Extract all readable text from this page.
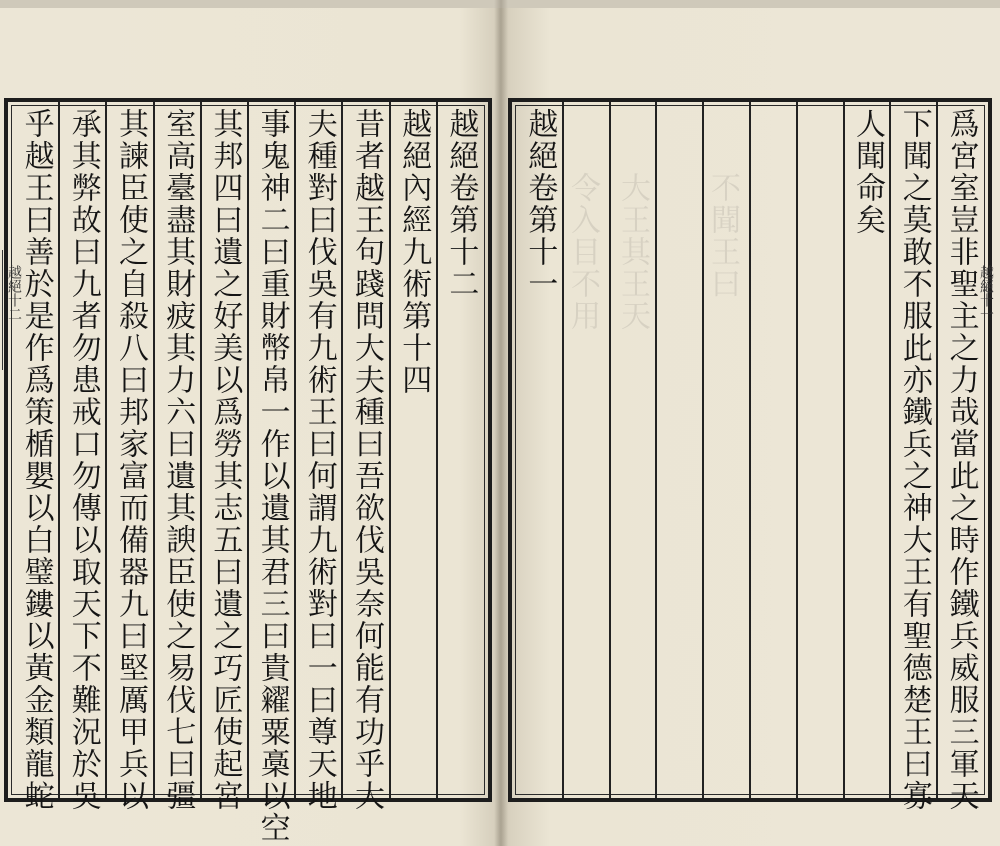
越絕十二	越絕十一
越絕卷第十二
越絕內經九術第十四
昔者越王句踐問大夫種曰吾欲伐吳奈何能有功乎大
夫種對曰伐吳有九術王曰何謂九術對曰一曰尊天地
事鬼神二曰重財幣帛一作以遺其君三曰貴糴粟槀以空
其邦四曰遺之好美以爲勞其志五曰遺之巧匠使起宮
室高臺盡其財疲其力六曰遺其諛臣使之易伐七曰彊
其諫臣使之自殺八曰邦家富而備器九曰堅厲甲兵以
承其弊故曰九者勿患戒口勿傳以取天下不難況於吳
乎越王曰善於是作爲策楯嬰以白璧鏤以黃金類龍蛇	爲宮室豈非聖主之力哉當此之時作鐵兵威服三軍天
下聞之莫敢不服此亦鐵兵之神大王有聖德楚王曰寡
人聞命矣
越絕卷第十一 　令入目不用 　大王其王天 　不聞王曰
